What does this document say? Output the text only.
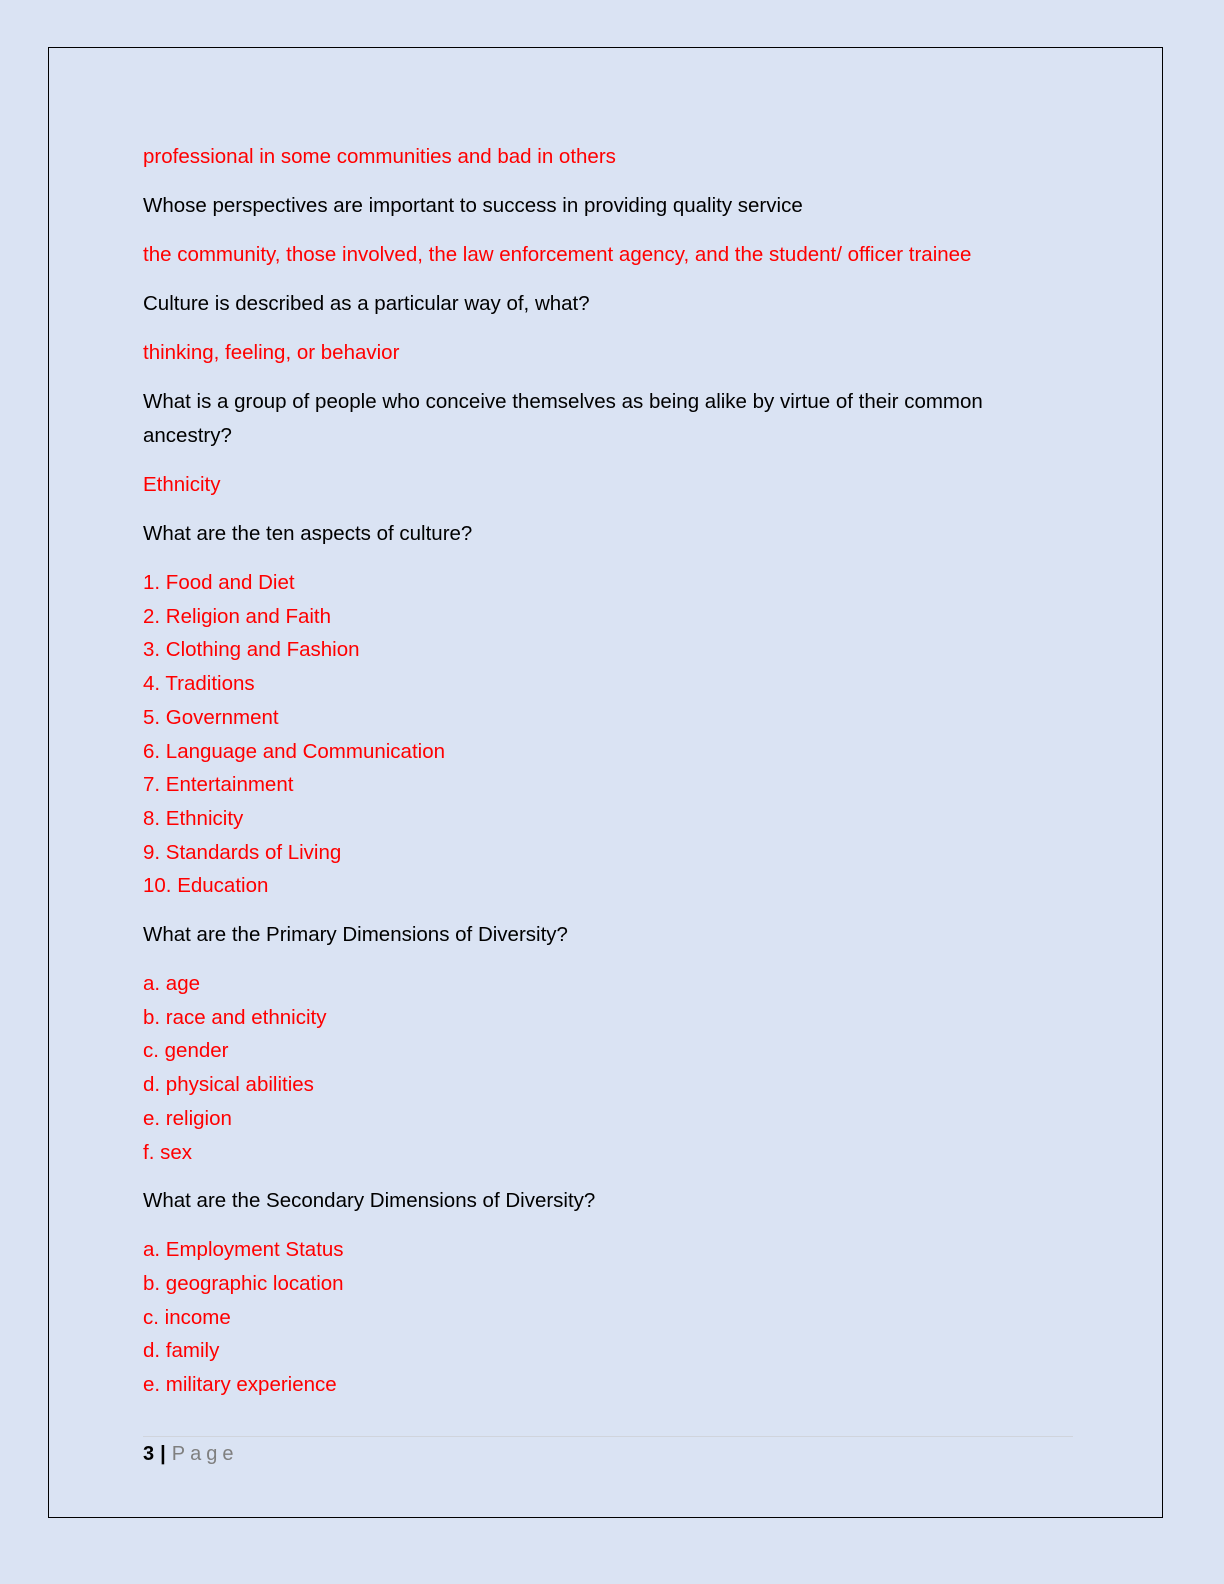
professional in some communities and bad in others

Whose perspectives are important to success in providing quality service

the community, those involved, the law enforcement agency, and the student/ officer trainee

Culture is described as a particular way of, what?

thinking, feeling, or behavior

What is a group of people who conceive themselves as being alike by virtue of their common ancestry?

Ethnicity

What are the ten aspects of culture?

1. Food and Diet
2. Religion and Faith
3. Clothing and Fashion
4. Traditions
5. Government
6. Language and Communication
7. Entertainment
8. Ethnicity
9. Standards of Living
10. Education

What are the Primary Dimensions of Diversity?

a. age
b. race and ethnicity
c. gender
d. physical abilities
e. religion
f. sex

What are the Secondary Dimensions of Diversity?

a. Employment Status
b. geographic location
c. income
d. family
e. military experience
3 | Page
